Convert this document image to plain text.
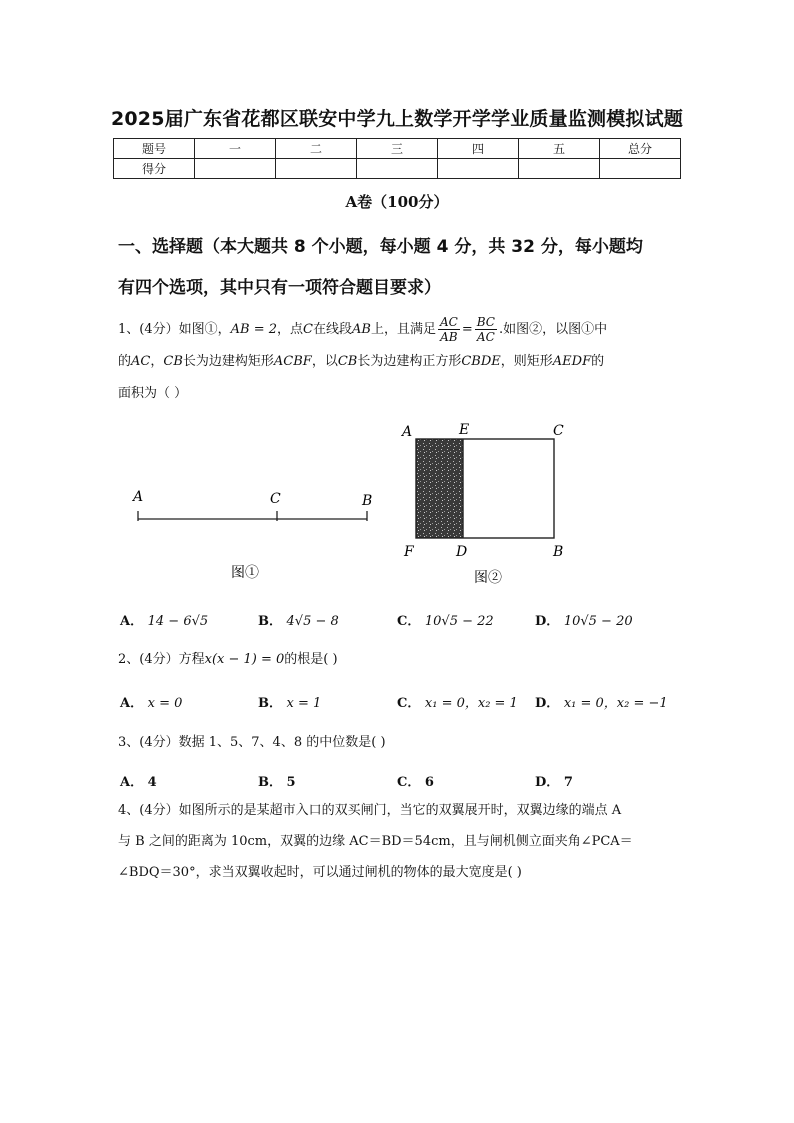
2025届广东省花都区联安中学九上数学开学学业质量监测模拟试题
题号	一	二	三	四	五	总分
得分						
A卷（100分）
一、选择题（本大题共 8 个小题，每小题 4 分，共 32 分，每小题均
有四个选项，其中只有一项符合题目要求）
1、(4分）如图①，AB = 2，点C在线段AB上，且满足 $\frac{AC}{AB} = \frac{BC}{AC}$ .如图②，以图①中
的AC，CB长为边建构矩形ACBF，以CB长为边建构正方形CBDE，则矩形AEDF的
面积为（ ）
A	C	B
图①
A	E	C
F	D	B
图②
A． 14 − 6√5	B． 4√5 − 8	C． 10√5 − 22	D． 10√5 − 20
2、(4分）方程x(x − 1) = 0的根是( )
A． x = 0	B． x = 1	C． x₁ = 0，x₂ = 1 D． x₁ = 0，x₂ = −1
3、(4分）数据 1、5、7、4、8 的中位数是( )
A． 4	B． 5	C． 6	D． 7
4、(4分）如图所示的是某超市入口的双买闸门，当它的双翼展开时，双翼边缘的端点 A
与 B 之间的距离为 10cm，双翼的边缘 AC＝BD＝54cm，且与闸机侧立面夹角∠PCA＝
∠BDQ＝30°，求当双翼收起时，可以通过闸机的物体的最大宽度是( )
